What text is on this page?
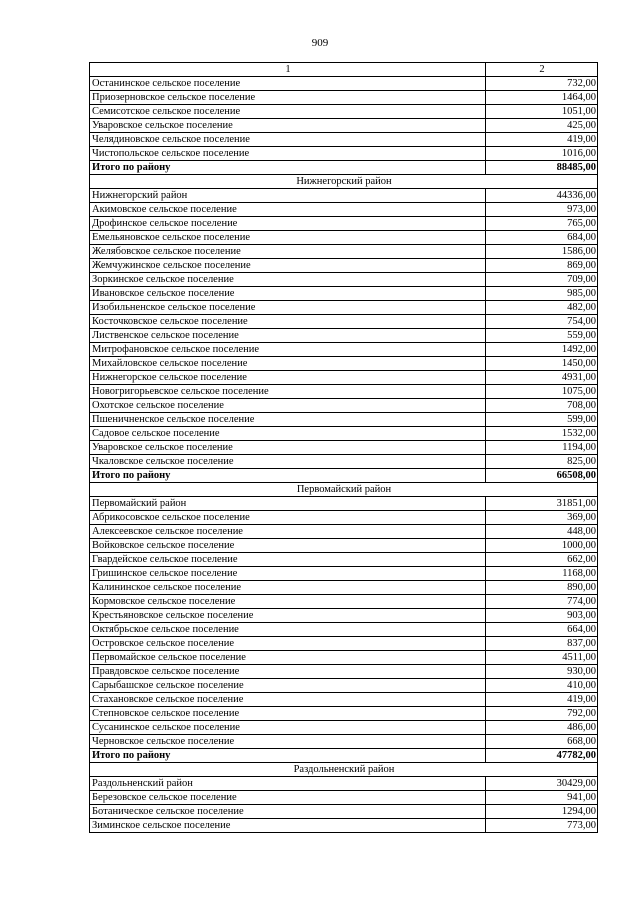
909
1	2
Останинское сельское поселение	732,00
Приозерновское сельское поселение	1464,00
Семисотское сельское поселение	1051,00
Уваровское сельское поселение	425,00
Челядиновское сельское поселение	419,00
Чистопольское сельское поселение	1016,00
Итого по району	88485,00
Нижнегорский район	
Нижнегорский район	44336,00
Акимовское сельское поселение	973,00
Дрофинское сельское поселение	765,00
Емельяновское сельское поселение	684,00
Желябовское сельское поселение	1586,00
Жемчужинское сельское поселение	869,00
Зоркинское сельское поселение	709,00
Ивановское сельское поселение	985,00
Изобильненское сельское поселение	482,00
Косточковское сельское поселение	754,00
Лиственское сельское поселение	559,00
Митрофановское сельское поселение	1492,00
Михайловское сельское поселение	1450,00
Нижнегорское сельское поселение	4931,00
Новогригорьевское сельское поселение	1075,00
Охотское сельское поселение	708,00
Пшеничненское сельское поселение	599,00
Садовое сельское поселение	1532,00
Уваровское сельское поселение	1194,00
Чкаловское сельское поселение	825,00
Итого по району	66508,00
Первомайский район	
Первомайский район	31851,00
Абрикосовское сельское поселение	369,00
Алексеевское сельское поселение	448,00
Войковское сельское поселение	1000,00
Гвардейское сельское поселение	662,00
Гришинское сельское поселение	1168,00
Калининское сельское поселение	890,00
Кормовское сельское поселение	774,00
Крестьяновское сельское поселение	903,00
Октябрьское сельское поселение	664,00
Островское сельское поселение	837,00
Первомайское сельское поселение	4511,00
Правдовское сельское поселение	930,00
Сарыбашское сельское поселение	410,00
Стахановское сельское поселение	419,00
Степновское сельское поселение	792,00
Сусанинское сельское поселение	486,00
Черновское сельское поселение	668,00
Итого по району	47782,00
Раздольненский район	
Раздольненский район	30429,00
Березовское сельское поселение	941,00
Ботаническое сельское поселение	1294,00
Зиминское сельское поселение	773,00
